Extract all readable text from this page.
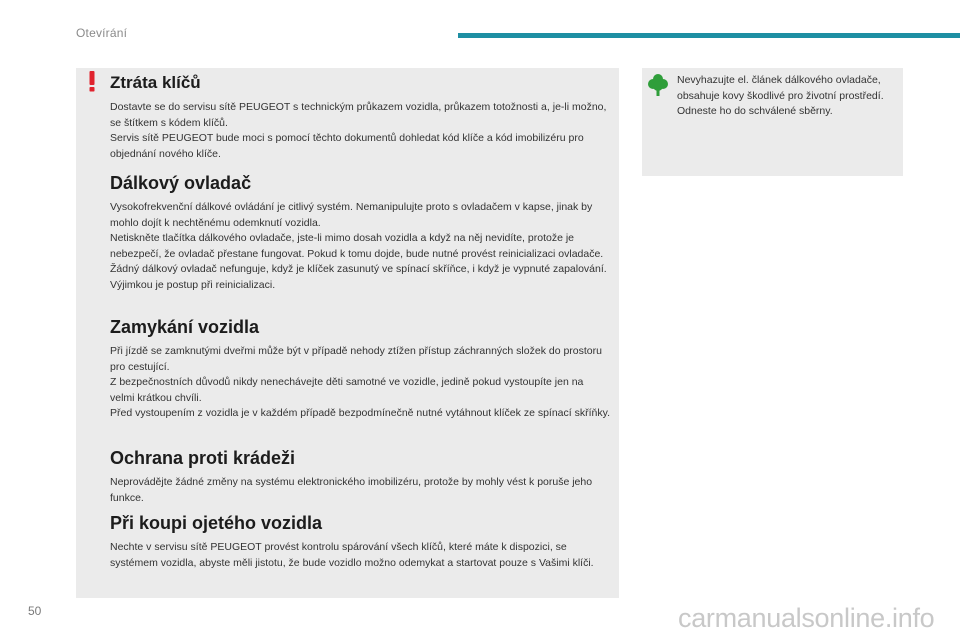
Otevírání
Ztráta klíčů

Dostavte se do servisu sítě PEUGEOT s technickým průkazem vozidla, průkazem totožnosti a, je-li možno, se štítkem s kódem klíčů.
Servis sítě PEUGEOT bude moci s pomocí těchto dokumentů dohledat kód klíče a kód imobilizéru pro objednání nového klíče.

Dálkový ovladač

Vysokofrekvenční dálkové ovládání je citlivý systém. Nemanipulujte proto s ovladačem v kapse, jinak by mohlo dojít k nechtěnému odemknutí vozidla.
Netiskněte tlačítka dálkového ovladače, jste-li mimo dosah vozidla a když na něj nevidíte, protože je nebezpečí, že ovladač přestane fungovat. Pokud k tomu dojde, bude nutné provést reinicializaci ovladače.
Žádný dálkový ovladač nefunguje, když je klíček zasunutý ve spínací skříňce, i když je vypnuté zapalování. Výjimkou je postup při reinicializaci.

Zamykání vozidla

Při jízdě se zamknutými dveřmi může být v případě nehody ztížen přístup záchranných složek do prostoru pro cestující.
Z bezpečnostních důvodů nikdy nenechávejte děti samotné ve vozidle, jedině pokud vystoupíte jen na velmi krátkou chvíli.
Před vystoupením z vozidla je v každém případě bezpodmínečně nutné vytáhnout klíček ze spínací skříňky.

Ochrana proti krádeži

Neprovádějte žádné změny na systému elektronického imobilizéru, protože by mohly vést k poruše jeho funkce.

Při koupi ojetého vozidla

Nechte v servisu sítě PEUGEOT provést kontrolu spárování všech klíčů, které máte k dispozici, se systémem vozidla, abyste měli jistotu, že bude vozidlo možno odemykat a startovat pouze s Vašimi klíči.

Nevyhazujte el. článek dálkového ovladače, obsahuje kovy škodlivé pro životní prostředí.
Odneste ho do schválené sběrny.
50	carmanualsonline.info
